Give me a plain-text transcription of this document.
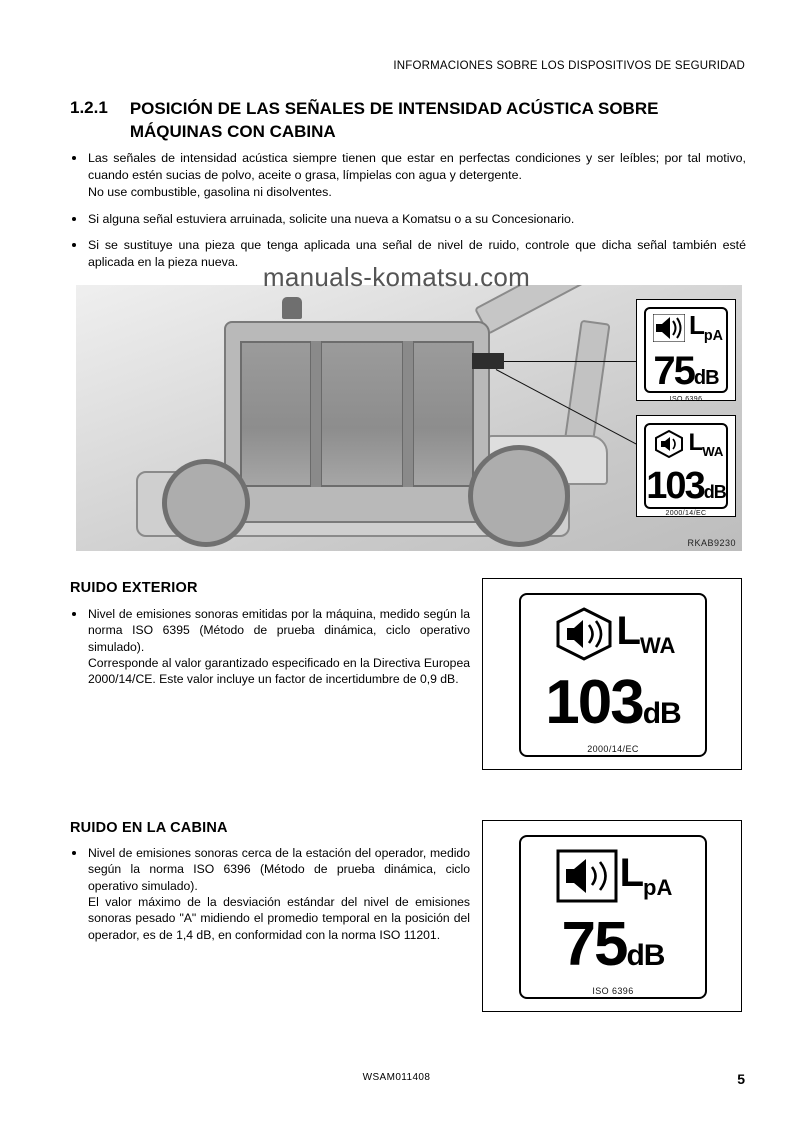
INFORMACIONES SOBRE LOS DISPOSITIVOS DE SEGURIDAD
1.2.1 POSICIÓN DE LAS SEÑALES DE INTENSIDAD ACÚSTICA SOBRE MÁQUINAS CON CABINA

Las señales de intensidad acústica siempre tienen que estar en perfectas condiciones y ser leíbles; por tal motivo, cuando estén sucias de polvo, aceite o grasa, límpielas con agua y detergente.

No use combustible, gasolina ni disolventes.

Si alguna señal estuviera arruinada, solicite una nueva a Komatsu o a su Concesionario.

Si se sustituye una pieza que tenga aplicada una señal de nivel de ruido, controle que dicha señal también esté aplicada en la pieza nueva. manuals-komatsu.com
$L_{pA}$
75 dB
ISO 6396
$L_{WA}$
103 dB
2000/14/EC
RKAB9230
RUIDO EXTERIOR

Nivel de emisiones sonoras emitidas por la máquina, medido según la norma ISO 6395 (Método de prueba dinámica, ciclo operativo simulado).

Corresponde al valor garantizado especificado en la Directiva Europea 2000/14/CE. Este valor incluye un factor de incertidumbre de 0,9 dB.

$L_{WA}$
103 dB
2000/14/EC
RUIDO EN LA CABINA

Nivel de emisiones sonoras cerca de la estación del operador, medido según la norma ISO 6396 (Método de prueba dinámica, ciclo operativo simulado).

El valor máximo de la desviación estándar del nivel de emisiones sonoras pesado "A" midiendo el promedio temporal en la posición del operador, es de 1,4 dB, en conformidad con la norma ISO 11201.

$L_{pA}$
75 dB
ISO 6396
WSAM011408	5
